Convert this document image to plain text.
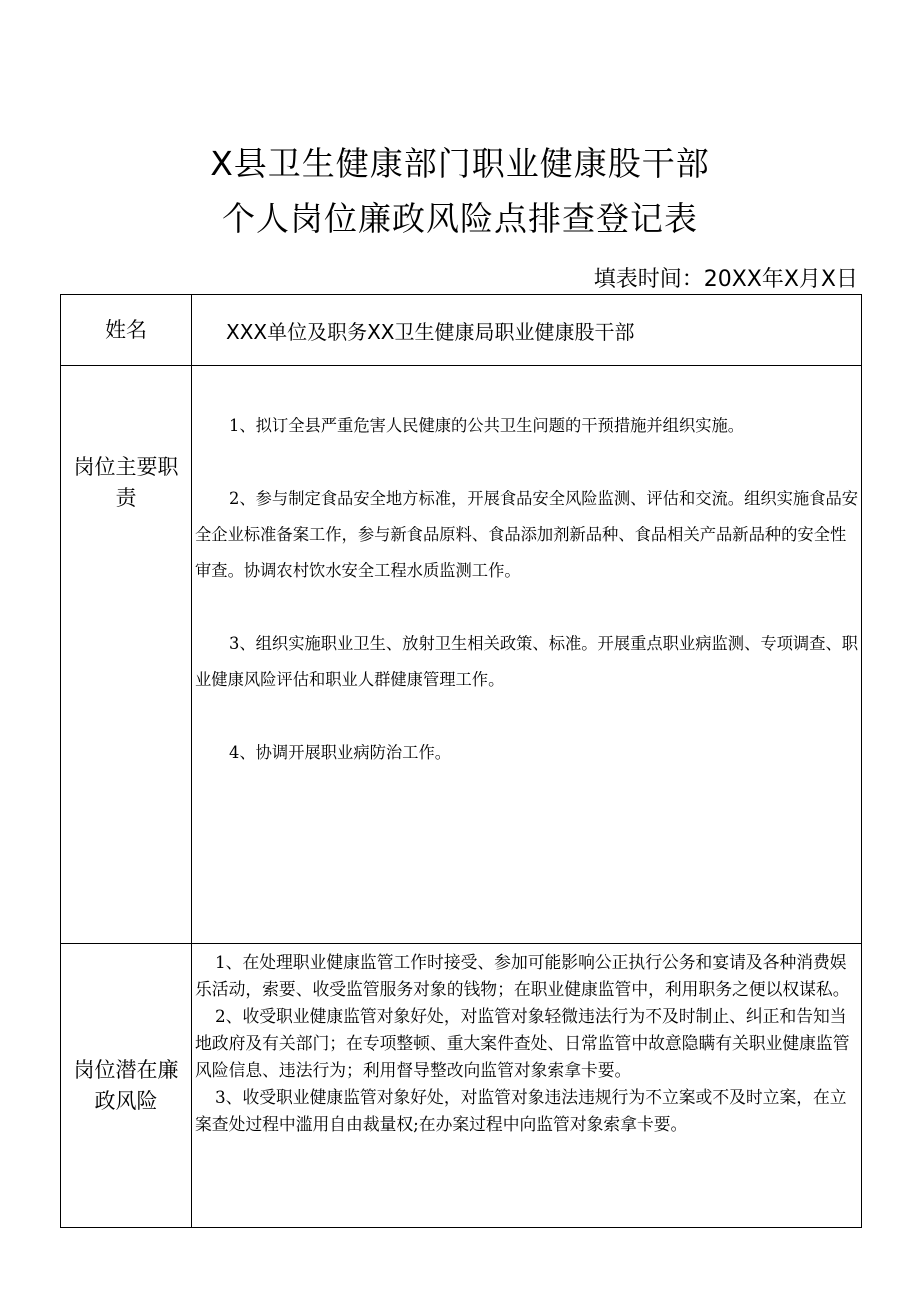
X县卫生健康部门职业健康股干部
个人岗位廉政风险点排查登记表
填表时间：20XX年X月X日
姓名	XXX单位及职务XX卫生健康局职业健康股干部

岗位主要职责	1、拟订全县严重危害人民健康的公共卫生问题的干预措施并组织实施。

2、参与制定食品安全地方标准，开展食品安全风险监测、评估和交流。组织实施食品安全企业标准备案工作，参与新食品原料、食品添加剂新品种、食品相关产品新品种的安全性审查。协调农村饮水安全工程水质监测工作。

3、组织实施职业卫生、放射卫生相关政策、标准。开展重点职业病监测、专项调查、职业健康风险评估和职业人群健康管理工作。

4、协调开展职业病防治工作。

岗位潜在廉政风险	1、在处理职业健康监管工作时接受、参加可能影响公正执行公务和宴请及各种消费娱乐活动，索要、收受监管服务对象的钱物；在职业健康监管中，利用职务之便以权谋私。

2、收受职业健康监管对象好处，对监管对象轻微违法行为不及时制止、纠正和告知当地政府及有关部门；在专项整顿、重大案件查处、日常监管中故意隐瞒有关职业健康监管风险信息、违法行为；利用督导整改向监管对象索拿卡要。

3、收受职业健康监管对象好处，对监管对象违法违规行为不立案或不及时立案，在立案查处过程中滥用自由裁量权;在办案过程中向监管对象索拿卡要。
